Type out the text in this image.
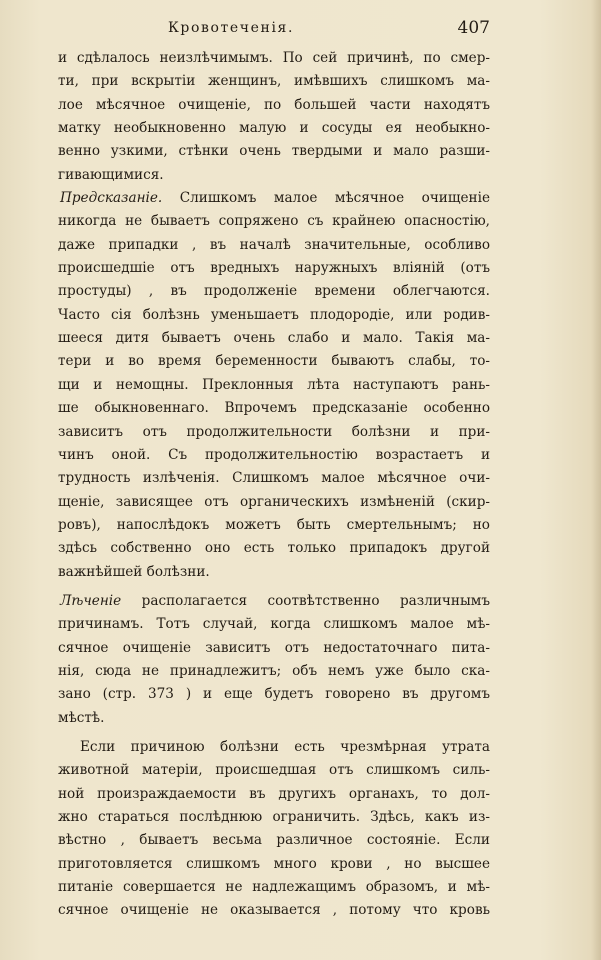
Кровотеченія.	407
и сдѣлалось неизлѣчимымъ. По сей причинѣ, по смер-
ти, при вскрытіи женщинъ, имѣвшихъ слишкомъ ма-
лое мѣсячное очищеніе, по большей части находятъ
матку необыкновенно малую и сосуды ея необыкно-
венно узкими, стѣнки очень твердыми и мало разши-
гивающимися.
Предсказаніе. Слишкомъ малое мѣсячное очищеніе
никогда не бываетъ сопряжено съ крайнею опасностію,
даже припадки , въ началѣ значительные, особливо
происшедшіе отъ вредныхъ наружныхъ вліяній (отъ
простуды) , въ продолженіе времени облегчаются.
Часто сія болѣзнь уменьшаетъ плодородіе, или родив-
шееся дитя бываетъ очень слабо и мало. Такія ма-
тери и во время беременности бываютъ слабы, то-
щи и немощны. Преклонныя лѣта наступаютъ рань-
ше обыкновеннаго. Впрочемъ предсказаніе особенно
зависитъ отъ продолжительности болѣзни и при-
чинъ оной. Съ продолжительностію возрастаетъ и
трудность излѣченія. Слишкомъ малое мѣсячное очи-
щеніе, зависящее отъ органическихъ измѣненій (скир-
ровъ), напослѣдокъ можетъ быть смертельнымъ; но
здѣсь собственно оно есть только припадокъ другой
важнѣйшей болѣзни.
Лѣченіе располагается соотвѣтственно различнымъ
причинамъ. Тотъ случай, когда слишкомъ малое мѣ-
сячное очищеніе зависитъ отъ недостаточнаго пита-
нія, сюда не принадлежитъ; объ немъ уже было ска-
зано (стр. 373 ) и еще будетъ говорено въ другомъ
мѣстѣ.
Если причиною болѣзни есть чрезмѣрная утрата
животной матеріи, происшедшая отъ слишкомъ силь-
ной произраждаемости въ другихъ органахъ, то дол-
жно стараться послѣднюю ограничить. Здѣсь, какъ из-
вѣстно , бываетъ весьма различное состояніе. Если
приготовляется слишкомъ много крови , но высшее
питаніе совершается не надлежащимъ образомъ, и мѣ-
сячное очищеніе не оказывается , потому что кровь
